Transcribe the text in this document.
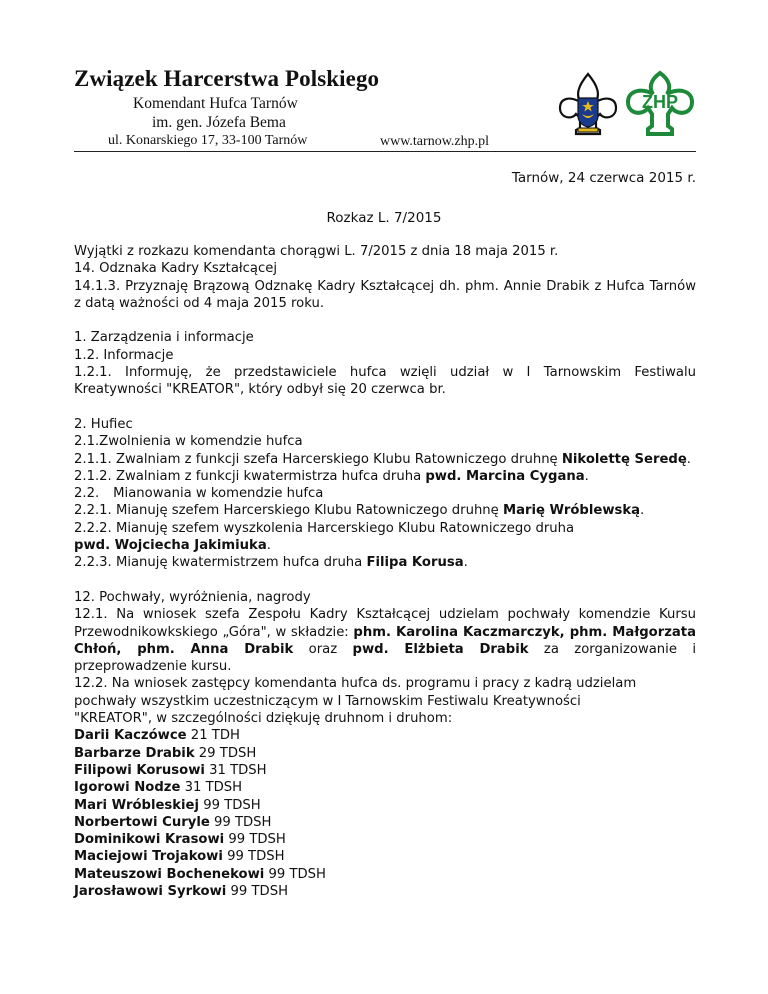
Związek Harcerstwa Polskiego
Komendant Hufca Tarnów
im. gen. Józefa Bema
ul. Konarskiego 17, 33-100 Tarnów	www.tarnow.zhp.pl
ZHP
Tarnów, 24 czerwca 2015 r.
Rozkaz L. 7/2015

Wyjątki z rozkazu komendanta chorągwi L. 7/2015 z dnia 18 maja 2015 r.

14. Odznaka Kadry Kształcącej

14.1.3. Przyznaję Brązową Odznakę Kadry Kształcącej dh. phm. Annie Drabik z Hufca Tarnów z datą ważności od 4 maja 2015 roku.

1. Zarządzenia i informacje

1.2. Informacje

1.2.1. Informuję, że przedstawiciele hufca wzięli udział w I Tarnowskim Festiwalu Kreatywności "KREATOR", który odbył się 20 czerwca br.

2. Hufiec

2.1.Zwolnienia w komendzie hufca

2.1.1. Zwalniam z funkcji szefa Harcerskiego Klubu Ratowniczego druhnę Nikolettę Seredę.

2.1.2. Zwalniam z funkcji kwatermistrza hufca druha pwd. Marcina Cygana.

2.2. Mianowania w komendzie hufca

2.2.1. Mianuję szefem Harcerskiego Klubu Ratowniczego druhnę Marię Wróblewską.

2.2.2. Mianuję szefem wyszkolenia Harcerskiego Klubu Ratowniczego druha

pwd. Wojciecha Jakimiuka.

2.2.3. Mianuję kwatermistrzem hufca druha Filipa Korusa.

12. Pochwały, wyróżnienia, nagrody

12.1. Na wniosek szefa Zespołu Kadry Kształcącej udzielam pochwały komendzie Kursu Przewodnikowkskiego „Góra", w składzie: phm. Karolina Kaczmarczyk, phm. Małgorzata Chłoń, phm. Anna Drabik oraz pwd. Elżbieta Drabik za zorganizowanie i przeprowadzenie kursu.

12.2. Na wniosek zastępcy komendanta hufca ds. programu i pracy z kadrą udzielam

pochwały wszystkim uczestniczącym w I Tarnowskim Festiwalu Kreatywności

"KREATOR", w szczególności dziękuję druhnom i druhom:

Darii Kaczówce 21 TDH

Barbarze Drabik 29 TDSH

Filipowi Korusowi 31 TDSH

Igorowi Nodze 31 TDSH

Mari Wróbleskiej 99 TDSH

Norbertowi Curyle 99 TDSH

Dominikowi Krasowi 99 TDSH

Maciejowi Trojakowi 99 TDSH

Mateuszowi Bochenekowi 99 TDSH

Jarosławowi Syrkowi 99 TDSH
